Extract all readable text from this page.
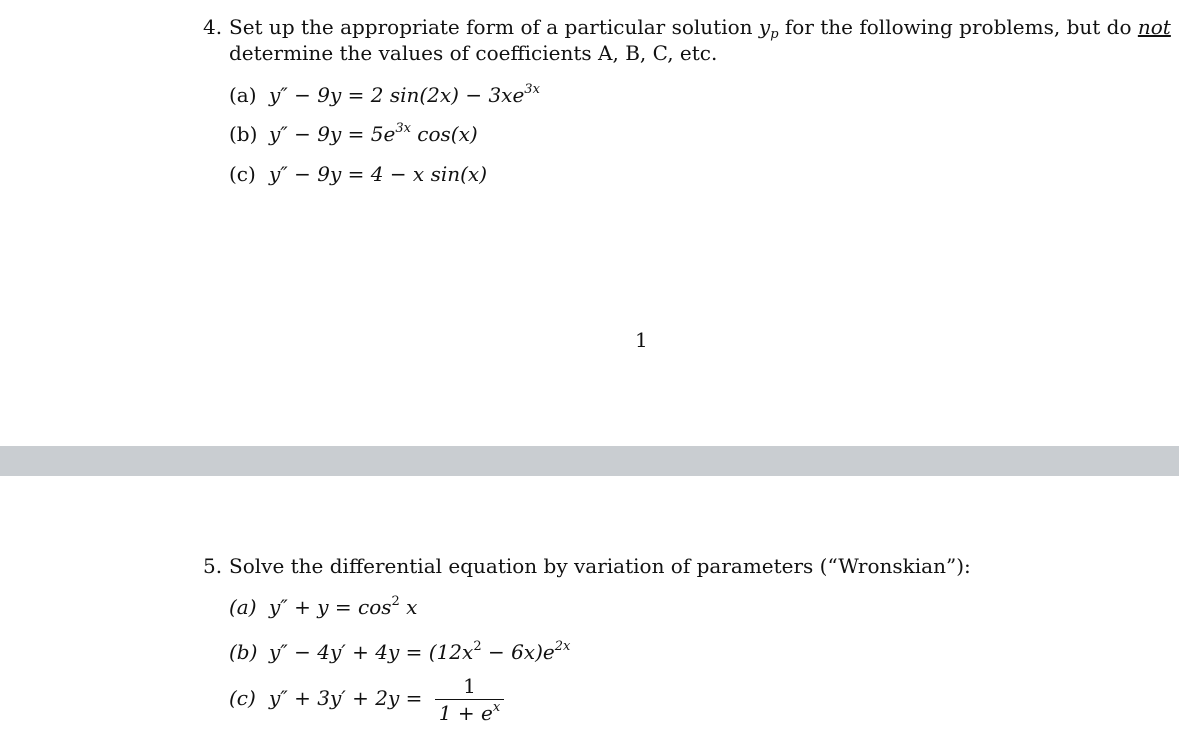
4. Set up the appropriate form of a particular solution $y_p$ for the following problems, but do not
determine the values of coefficients A, B, C, etc.
(a) y″ − 9y = 2 $\sin(2x) - 3xe^{3x}$
(b) $y'' - 9y = 5e^{3x}$ cos(x)
(c) y″ − 9y = 4 − x sin(x)
1
5. Solve the differential equation by variation of parameters (“Wronskian”):
(a) $y'' + y = \cos^2 x$
(b) $y'' - 4y' + 4y = (12x^2 - 6x)e^{2x}$
(c) $y'' + 3y' + 2y = \frac{1}{1 + e^x}$
